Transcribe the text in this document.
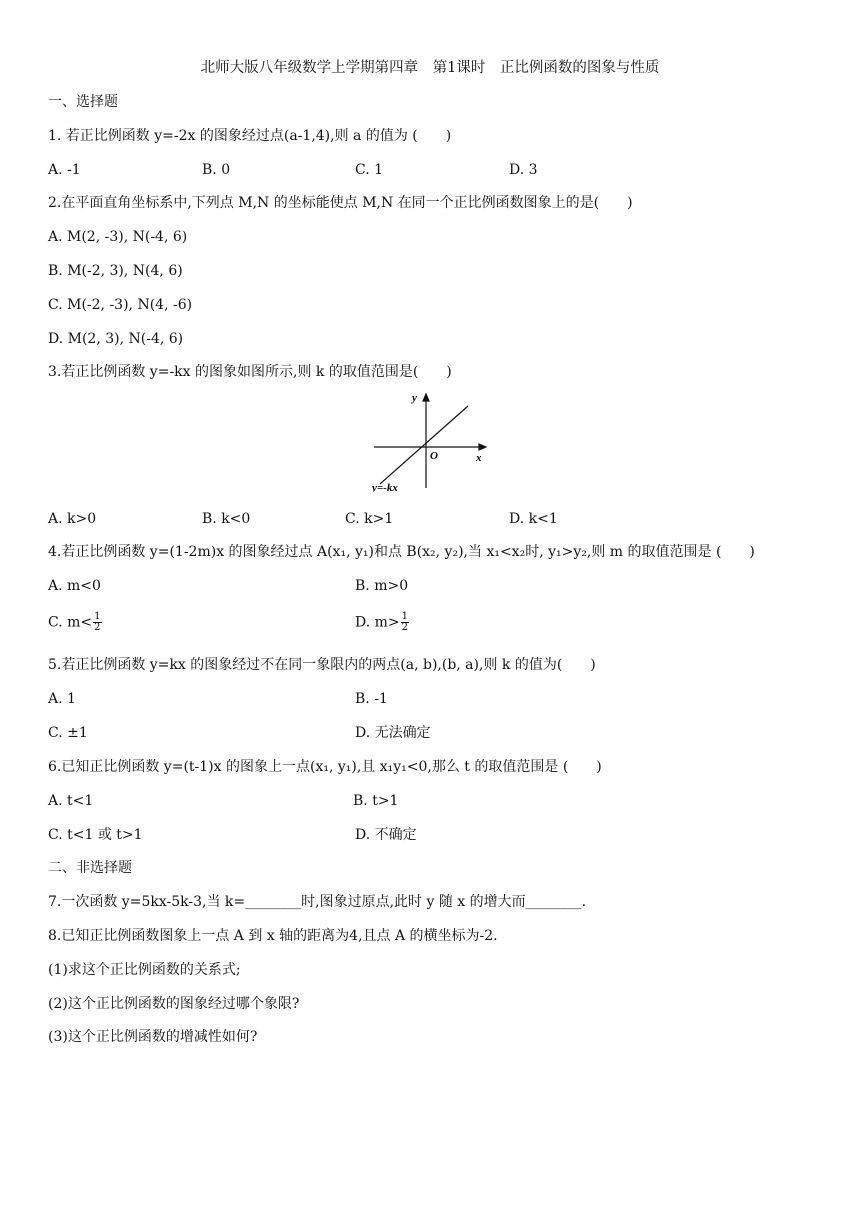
北师大版八年级数学上学期第四章　第1课时　正比例函数的图象与性质
一、选择题
1. 若正比例函数 y=-2x 的图象经过点(a-1,4),则 a 的值为 (　　)
A. -1	B. 0	C. 1	D. 3
2.在平面直角坐标系中,下列点 M,N 的坐标能使点 M,N 在同一个正比例函数图象上的是(　　)
A. M(2, -3), N(-4, 6)
B. M(-2, 3), N(4, 6)
C. M(-2, -3), N(4, -6)
D. M(2, 3), N(-4, 6)
3.若正比例函数 y=-kx 的图象如图所示,则 k 的取值范围是(　　)
y
x
O
y=-kx
A. k>0	B. k<0	C. k>1	D. k<1
4.若正比例函数 y=(1-2m)x 的图象经过点 A(x₁, y₁)和点 B(x₂, y₂),当 x₁<x₂时, y₁>y₂,则 m 的取值范围是 (　　)
A. m<0	B. m>0
C. $m< \frac{1}{2}$	D. $m> \frac{1}{2}$
5.若正比例函数 y=kx 的图象经过不在同一象限内的两点(a, b),(b, a),则 k 的值为(　　)
A. 1	B. -1
C. ±1	D. 无法确定
6.已知正比例函数 y=(t-1)x 的图象上一点(x₁, y₁),且 x₁y₁<0,那么 t 的取值范围是 (　　)
A. t<1	B. t>1
C. t<1 或 t>1	D. 不确定
二、非选择题
7.一次函数 y=5kx-5k-3,当 k=________时,图象过原点,此时 y 随 x 的增大而________.
8.已知正比例函数图象上一点 A 到 x 轴的距离为4,且点 A 的横坐标为-2.
(1)求这个正比例函数的关系式;
(2)这个正比例函数的图象经过哪个象限?
(3)这个正比例函数的增减性如何?
